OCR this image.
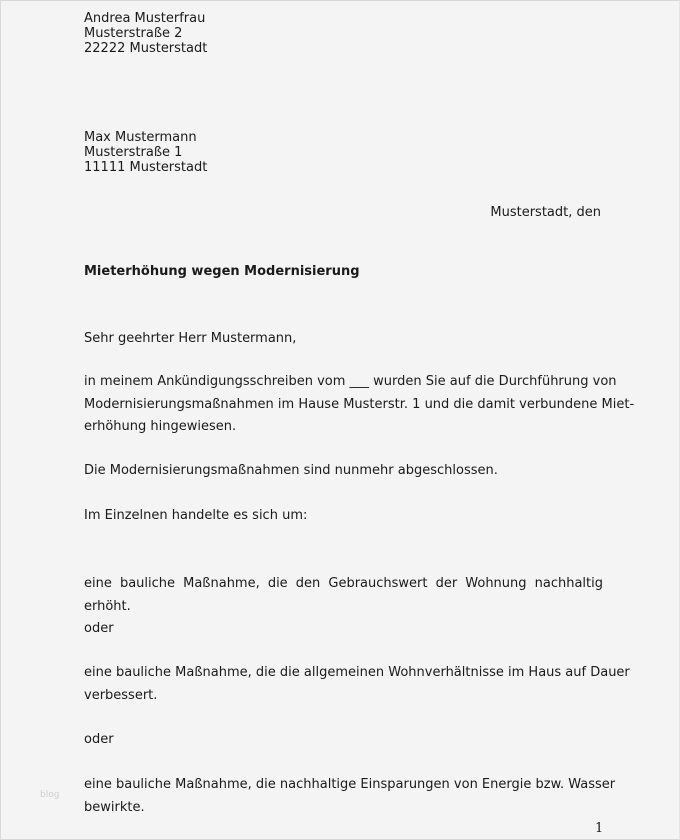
Andrea Musterfrau
Musterstraße 2
22222 Musterstadt
Max Mustermann
Musterstraße 1
11111 Musterstadt
Musterstadt, den
Mieterhöhung wegen Modernisierung
Sehr geehrter Herr Mustermann,
in meinem Ankündigungsschreiben vom ___ wurden Sie auf die Durchführung von
Modernisierungsmaßnahmen im Hause Musterstr. 1 und die damit verbundene Miet-
erhöhung hingewiesen.
Die Modernisierungsmaßnahmen sind nunmehr abgeschlossen.
Im Einzelnen handelte es sich um:
eine bauliche Maßnahme, die den Gebrauchswert der Wohnung nachhaltig erhöht.
oder
eine bauliche Maßnahme, die die allgemeinen Wohnverhältnisse im Haus auf Dauer
verbessert.
oder
eine bauliche Maßnahme, die nachhaltige Einsparungen von Energie bzw. Wasser
bewirkte.
blog
1
